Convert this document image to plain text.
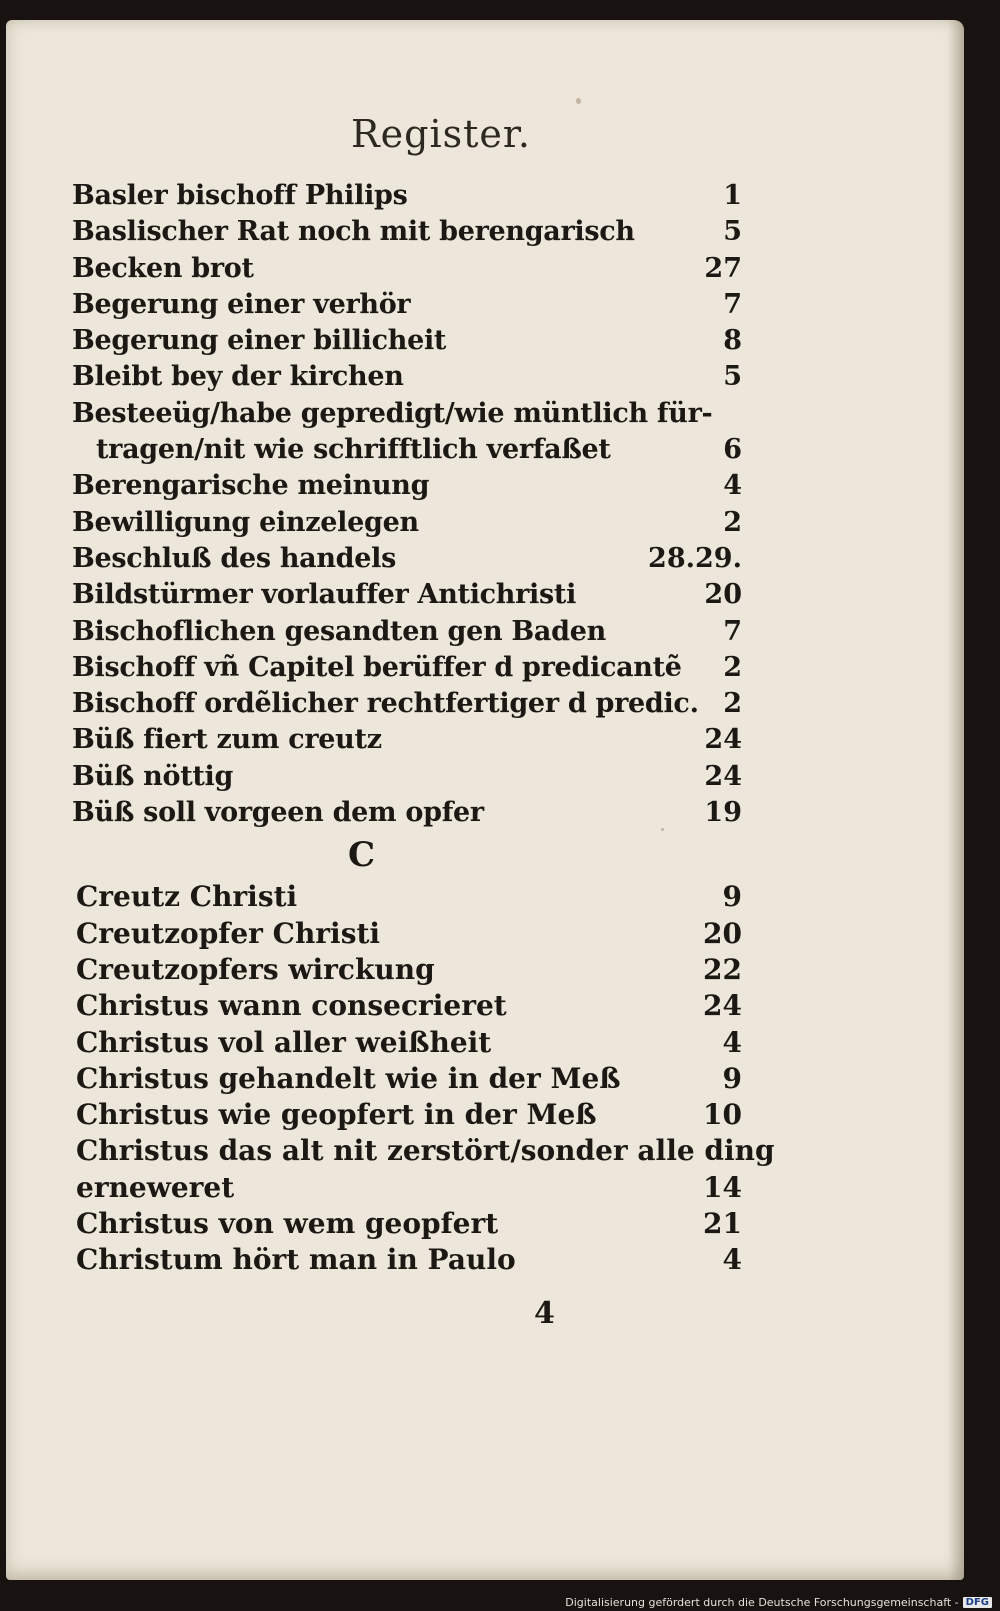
Register.
Basler bischoff Philips	1
Baslischer Rat noch mit berengarisch	5
Becken brot	27
Begerung einer verhör	7
Begerung einer billicheit	8
Bleibt bey der kirchen	5
Besteeüg/habe gepredigt/wie müntlich für-
tragen/nit wie schrifftlich verfaßet	6
Berengarische meinung	4
Bewilligung einzelegen	2
Beschluß des handels	28.29.
Bildstürmer vorlauffer Antichristi	20
Bischoflichen gesandten gen Baden	7
Bischoff vñ Capitel berüffer d predicantẽ 2
Bischoff ordẽlicher rechtfertiger d predic. 2
Büß fiert zum creutz	24
Büß nöttig	24
Büß soll vorgeen dem opfer	19
C
Creutz Christi	9
Creutzopfer Christi	20
Creutzopfers wirckung	22
Christus wann consecrieret	24
Christus vol aller weißheit	4
Christus gehandelt wie in der Meß	9
Christus wie geopfert in der Meß	10
Christus das alt nit zerstört/sonder alle ding
erneweret	14
Christus von wem geopfert	21
Christum hört man in Paulo	4
4
Digitalisierung gefördert durch die Deutsche Forschungsgemeinschaft - DFG
